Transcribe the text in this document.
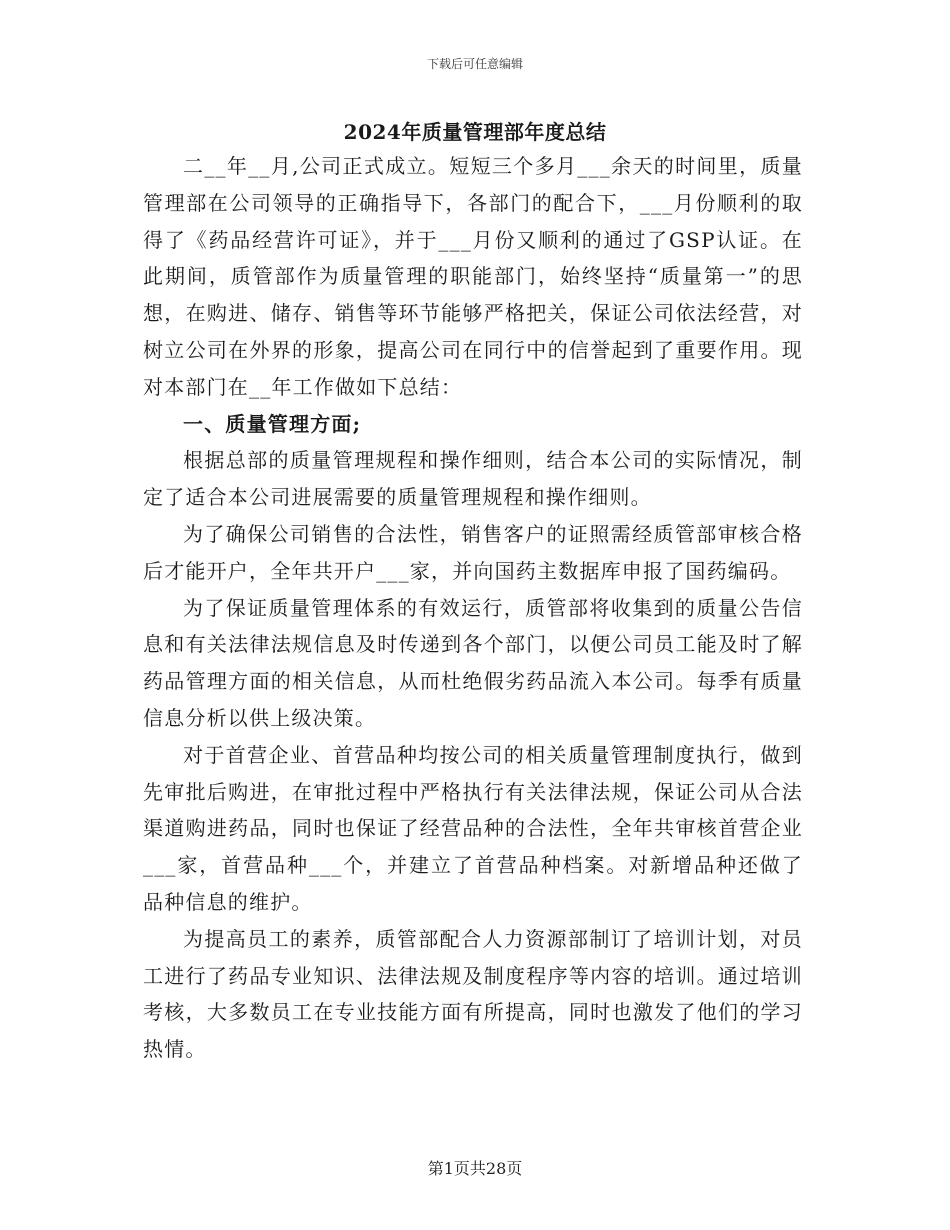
下载后可任意编辑
2024年质量管理部年度总结

二__年__月,公司正式成立。短短三个多月___余天的时间里，质量管理部在公司领导的正确指导下，各部门的配合下，___月份顺利的取得了《药品经营许可证》，并于___月份又顺利的通过了GSP认证。在此期间，质管部作为质量管理的职能部门，始终坚持“质量第一”的思想，在购进、储存、销售等环节能够严格把关，保证公司依法经营，对树立公司在外界的形象，提高公司在同行中的信誉起到了重要作用。现对本部门在__年工作做如下总结：

一、质量管理方面;

根据总部的质量管理规程和操作细则，结合本公司的实际情况，制定了适合本公司进展需要的质量管理规程和操作细则。

为了确保公司销售的合法性，销售客户的证照需经质管部审核合格后才能开户，全年共开户___家，并向国药主数据库申报了国药编码。

为了保证质量管理体系的有效运行，质管部将收集到的质量公告信息和有关法律法规信息及时传递到各个部门，以便公司员工能及时了解药品管理方面的相关信息，从而杜绝假劣药品流入本公司。每季有质量信息分析以供上级决策。

对于首营企业、首营品种均按公司的相关质量管理制度执行，做到先审批后购进，在审批过程中严格执行有关法律法规，保证公司从合法渠道购进药品，同时也保证了经营品种的合法性，全年共审核首营企业___家，首营品种___个，并建立了首营品种档案。对新增品种还做了品种信息的维护。

为提高员工的素养，质管部配合人力资源部制订了培训计划，对员工进行了药品专业知识、法律法规及制度程序等内容的培训。通过培训考核，大多数员工在专业技能方面有所提高，同时也激发了他们的学习热情。

第1页共28页
